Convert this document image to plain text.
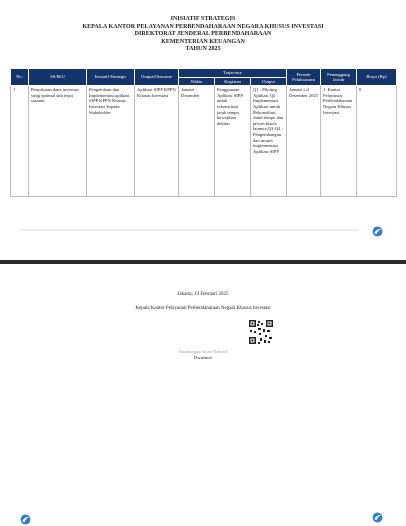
INISIATIF STRATEGIS
KEPALA KANTOR PELAYANAN PERBENDAHARAAN NEGARA KHUSUS INVESTASI
DIREKTORAT JENDERAL PERBENDAHARAAN
KEMENTERIAN KEUANGAN
TAHUN 2025
No.	SS/IKU	Inisiatif Strategis	Output/Outcome	Trajectory			Periode Pelaksanaan	Penanggung Jawab	Biaya (Rp)
				Waktu	Kegiatan	Output			
1	Penyaluran dana investasi yang optimal dan tepat sasaran	Pengelolaan dan Implementasi aplikasi SIPP KPPN Khusus Investasi kepada Stakeholder	Aplikasi SIPP KPPN Khusus Investasi	Januari - Desember	Penggunaan Aplikasi SIPP untuk rekonsiliasi jatuh tempo kewajiban debitur	Q1 : Piloting Aplikasi Q2 : Implementasi Aplikasi untuk Rekonsiliasi Jatuh tempo dan proses bisnis lainnya Q3-Q4 : Pengembangan dan monev implementasi Aplikasi SIPP	Januari s.d Desember 2025	1. Kantor Pelayanan Perbendaharaan Negara Khusus Investasi	0
Jakarta, 14 Februari 2025
Kepala Kantor Pelayanan Perbendaharaan Negara Khusus Investasi
Ditandatangani Secara Elektronik
Dwinanto
